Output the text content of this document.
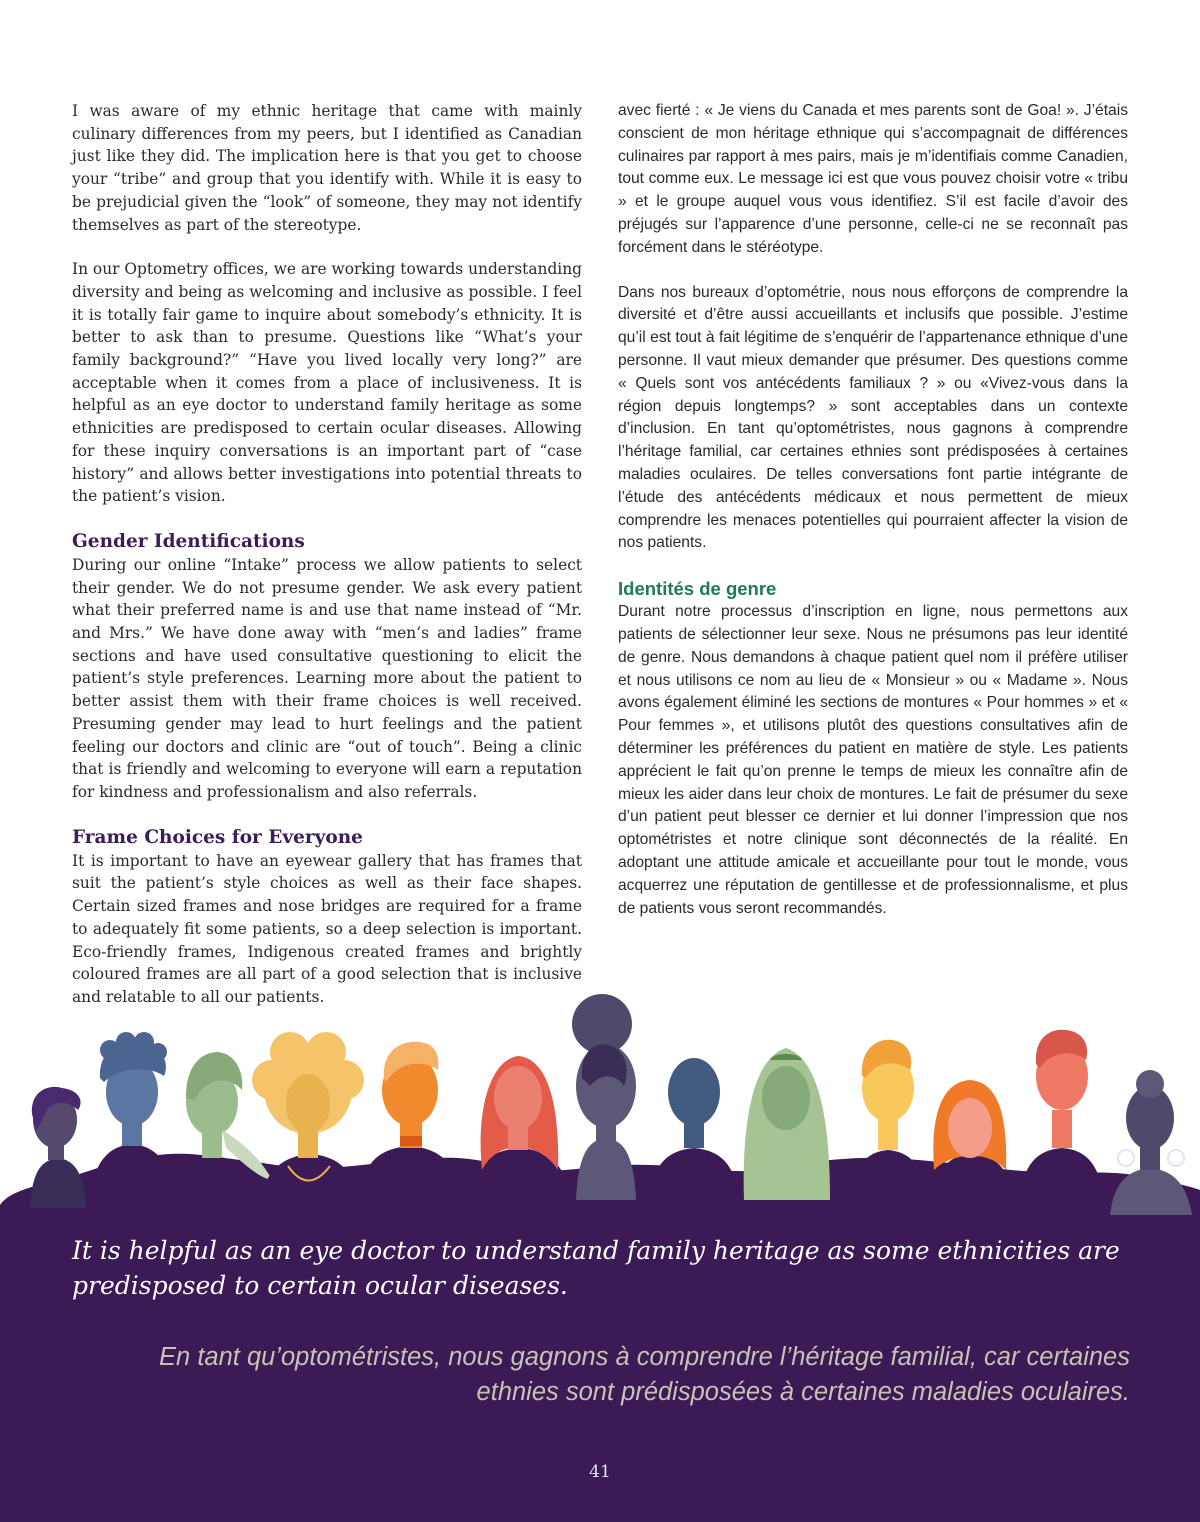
I was aware of my ethnic heritage that came with mainly culinary differences from my peers, but I identified as Canadian just like they did. The implication here is that you get to choose your “tribe” and group that you identify with. While it is easy to be prejudicial given the “look” of someone, they may not identify themselves as part of the stereotype.

In our Optometry offices, we are working towards understanding diversity and being as welcoming and inclusive as possible. I feel it is totally fair game to inquire about somebody’s ethnicity. It is better to ask than to presume. Questions like “What’s your family background?” “Have you lived locally very long?” are acceptable when it comes from a place of inclusiveness. It is helpful as an eye doctor to understand family heritage as some ethnicities are predisposed to certain ocular diseases. Allowing for these inquiry conversations is an important part of “case history” and allows better investigations into potential threats to the patient’s vision.

Gender Identifications

During our online “Intake” process we allow patients to select their gender. We do not presume gender. We ask every patient what their preferred name is and use that name instead of “Mr. and Mrs.” We have done away with “men’s and ladies” frame sections and have used consultative questioning to elicit the patient’s style preferences. Learning more about the patient to better assist them with their frame choices is well received. Presuming gender may lead to hurt feelings and the patient feeling our doctors and clinic are “out of touch”. Being a clinic that is friendly and welcoming to everyone will earn a reputation for kindness and professionalism and also referrals.

Frame Choices for Everyone

It is important to have an eyewear gallery that has frames that suit the patient’s style choices as well as their face shapes. Certain sized frames and nose bridges are required for a frame to adequately fit some patients, so a deep selection is important. Eco-friendly frames, Indigenous created frames and brightly coloured frames are all part of a good selection that is inclusive and relatable to all our patients.

avec fierté : « Je viens du Canada et mes parents sont de Goa! ». J’étais conscient de mon héritage ethnique qui s’accompagnait de différences culinaires par rapport à mes pairs, mais je m’identifiais comme Canadien, tout comme eux. Le message ici est que vous pouvez choisir votre « tribu » et le groupe auquel vous vous identifiez. S’il est facile d’avoir des préjugés sur l’apparence d’une personne, celle-ci ne se reconnaît pas forcément dans le stéréotype.

Dans nos bureaux d’optométrie, nous nous efforçons de comprendre la diversité et d’être aussi accueillants et inclusifs que possible. J’estime qu’il est tout à fait légitime de s’enquérir de l’appartenance ethnique d’une personne. Il vaut mieux demander que présumer. Des questions comme « Quels sont vos antécédents familiaux ? » ou «Vivez-vous dans la région depuis longtemps? » sont acceptables dans un contexte d’inclusion. En tant qu’optométristes, nous gagnons à comprendre l’héritage familial, car certaines ethnies sont prédisposées à certaines maladies oculaires. De telles conversations font partie intégrante de l’étude des antécédents médicaux et nous permettent de mieux comprendre les menaces potentielles qui pourraient affecter la vision de nos patients.

Identités de genre

Durant notre processus d’inscription en ligne, nous permettons aux patients de sélectionner leur sexe. Nous ne présumons pas leur identité de genre. Nous demandons à chaque patient quel nom il préfère utiliser et nous utilisons ce nom au lieu de « Monsieur » ou « Madame ». Nous avons également éliminé les sections de montures « Pour hommes » et « Pour femmes », et utilisons plutôt des questions consultatives afin de déterminer les préférences du patient en matière de style. Les patients apprécient le fait qu’on prenne le temps de mieux les connaître afin de mieux les aider dans leur choix de montures. Le fait de présumer du sexe d’un patient peut blesser ce dernier et lui donner l’impression que nos optométristes et notre clinique sont déconnectés de la réalité. En adoptant une attitude amicale et accueillante pour tout le monde, vous acquerrez une réputation de gentillesse et de professionnalisme, et plus de patients vous seront recommandés.

It is helpful as an eye doctor to understand family heritage as some ethnicities are predisposed to certain ocular diseases.

En tant qu’optométristes, nous gagnons à comprendre l’héritage familial, car certaines ethnies sont prédisposées à certaines maladies oculaires.

41
